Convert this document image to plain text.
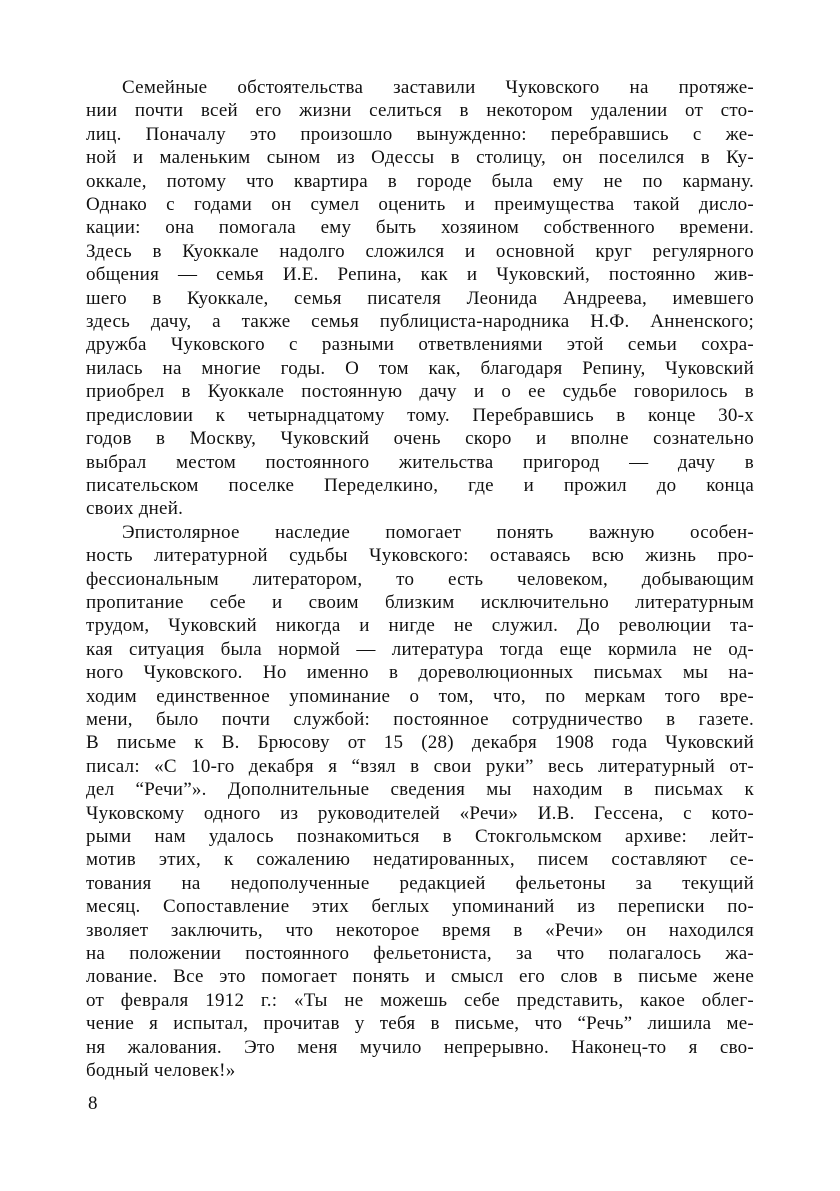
Семейные обстоятельства заставили Чуковского на протяже-
нии почти всей его жизни селиться в некотором удалении от сто-
лиц. Поначалу это произошло вынужденно: перебравшись с же-
ной и маленьким сыном из Одессы в столицу, он поселился в Ку-
оккале, потому что квартира в городе была ему не по карману.
Однако с годами он сумел оценить и преимущества такой дисло-
кации: она помогала ему быть хозяином собственного времени.
Здесь в Куоккале надолго сложился и основной круг регулярного
общения — семья И.Е. Репина, как и Чуковский, постоянно жив-
шего в Куоккале, семья писателя Леонида Андреева, имевшего
здесь дачу, а также семья публициста-народника Н.Ф. Анненского;
дружба Чуковского с разными ответвлениями этой семьи сохра-
нилась на многие годы. О том как, благодаря Репину, Чуковский
приобрел в Куоккале постоянную дачу и о ее судьбе говорилось в
предисловии к четырнадцатому тому. Перебравшись в конце 30-х
годов в Москву, Чуковский очень скоро и вполне сознательно
выбрал местом постоянного жительства пригород — дачу в
писательском поселке Переделкино, где и прожил до конца
своих дней.
Эпистолярное наследие помогает понять важную особен-
ность литературной судьбы Чуковского: оставаясь всю жизнь про-
фессиональным литератором, то есть человеком, добывающим
пропитание себе и своим близким исключительно литературным
трудом, Чуковский никогда и нигде не служил. До революции та-
кая ситуация была нормой — литература тогда еще кормила не од-
ного Чуковского. Но именно в дореволюционных письмах мы на-
ходим единственное упоминание о том, что, по меркам того вре-
мени, было почти службой: постоянное сотрудничество в газете.
В письме к В. Брюсову от 15 (28) декабря 1908 года Чуковский
писал: «С 10-го декабря я “взял в свои руки” весь литературный от-
дел “Речи”». Дополнительные сведения мы находим в письмах к
Чуковскому одного из руководителей «Речи» И.В. Гессена, с кото-
рыми нам удалось познакомиться в Стокгольмском архиве: лейт-
мотив этих, к сожалению недатированных, писем составляют се-
тования на недополученные редакцией фельетоны за текущий
месяц. Сопоставление этих беглых упоминаний из переписки по-
зволяет заключить, что некоторое время в «Речи» он находился
на положении постоянного фельетониста, за что полагалось жа-
лование. Все это помогает понять и смысл его слов в письме жене
от февраля 1912 г.: «Ты не можешь себе представить, какое облег-
чение я испытал, прочитав у тебя в письме, что “Речь” лишила ме-
ня жалования. Это меня мучило непрерывно. Наконец-то я сво-
бодный человек!»
8
